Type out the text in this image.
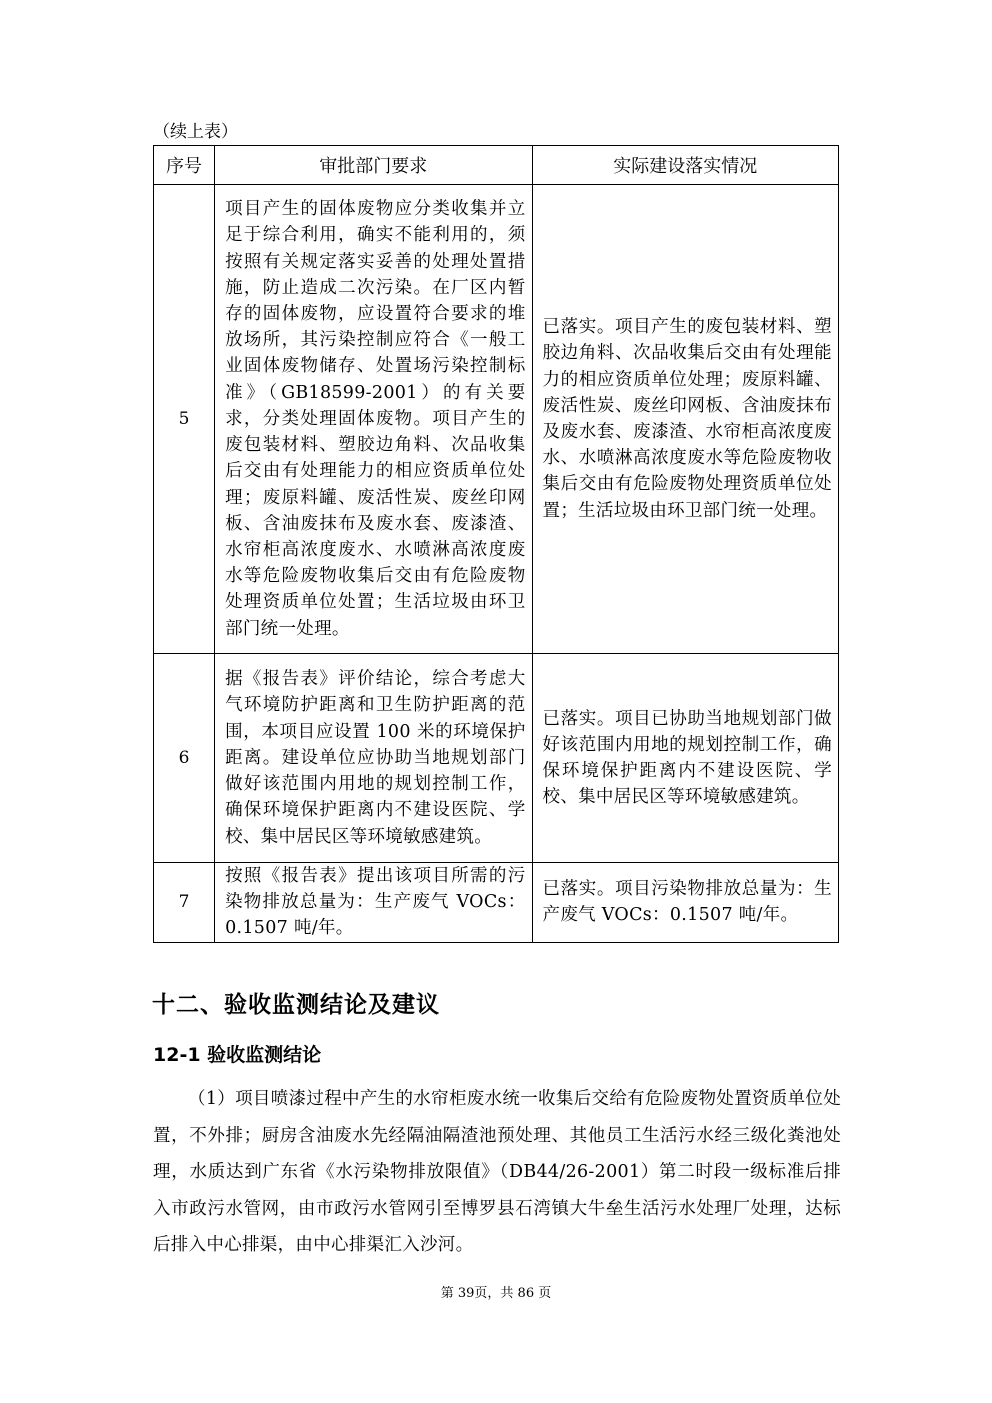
（续上表）
序号	审批部门要求	实际建设落实情况
5	项目产生的固体废物应分类收集并立足于综合利用，确实不能利用的，须按照有关规定落实妥善的处理处置措施，防止造成二次污染。在厂区内暂存的固体废物，应设置符合要求的堆放场所，其污染控制应符合《一般工业固体废物储存、处置场污染控制标准》（GB18599-2001）的有关要求，分类处理固体废物。项目产生的废包装材料、塑胶边角料、次品收集后交由有处理能力的相应资质单位处理；废原料罐、废活性炭、废丝印网板、含油废抹布及废水套、废漆渣、水帘柜高浓度废水、水喷淋高浓度废水等危险废物收集后交由有危险废物处理资质单位处置；生活垃圾由环卫部门统一处理。	已落实。项目产生的废包装材料、塑胶边角料、次品收集后交由有处理能力的相应资质单位处理；废原料罐、废活性炭、废丝印网板、含油废抹布及废水套、废漆渣、水帘柜高浓度废水、水喷淋高浓度废水等危险废物收集后交由有危险废物处理资质单位处置；生活垃圾由环卫部门统一处理。
6	据《报告表》评价结论，综合考虑大气环境防护距离和卫生防护距离的范围，本项目应设置 100 米的环境保护距离。建设单位应协助当地规划部门做好该范围内用地的规划控制工作，确保环境保护距离内不建设医院、学校、集中居民区等环境敏感建筑。	已落实。项目已协助当地规划部门做好该范围内用地的规划控制工作，确保环境保护距离内不建设医院、学校、集中居民区等环境敏感建筑。
7	按照《报告表》提出该项目所需的污染物排放总量为：生产废气 VOCs：0.1507 吨/年。	已落实。项目污染物排放总量为：生产废气 VOCs：0.1507 吨/年。
十二、验收监测结论及建议
12-1 验收监测结论

（1）项目喷漆过程中产生的水帘柜废水统一收集后交给有危险废物处置资质单位处置，不外排；厨房含油废水先经隔油隔渣池预处理、其他员工生活污水经三级化粪池处理，水质达到广东省《水污染物排放限值》（DB44/26-2001）第二时段一级标准后排入市政污水管网，由市政污水管网引至博罗县石湾镇大牛垒生活污水处理厂处理，达标后排入中心排渠，由中心排渠汇入沙河。

第 39页，共 86 页
